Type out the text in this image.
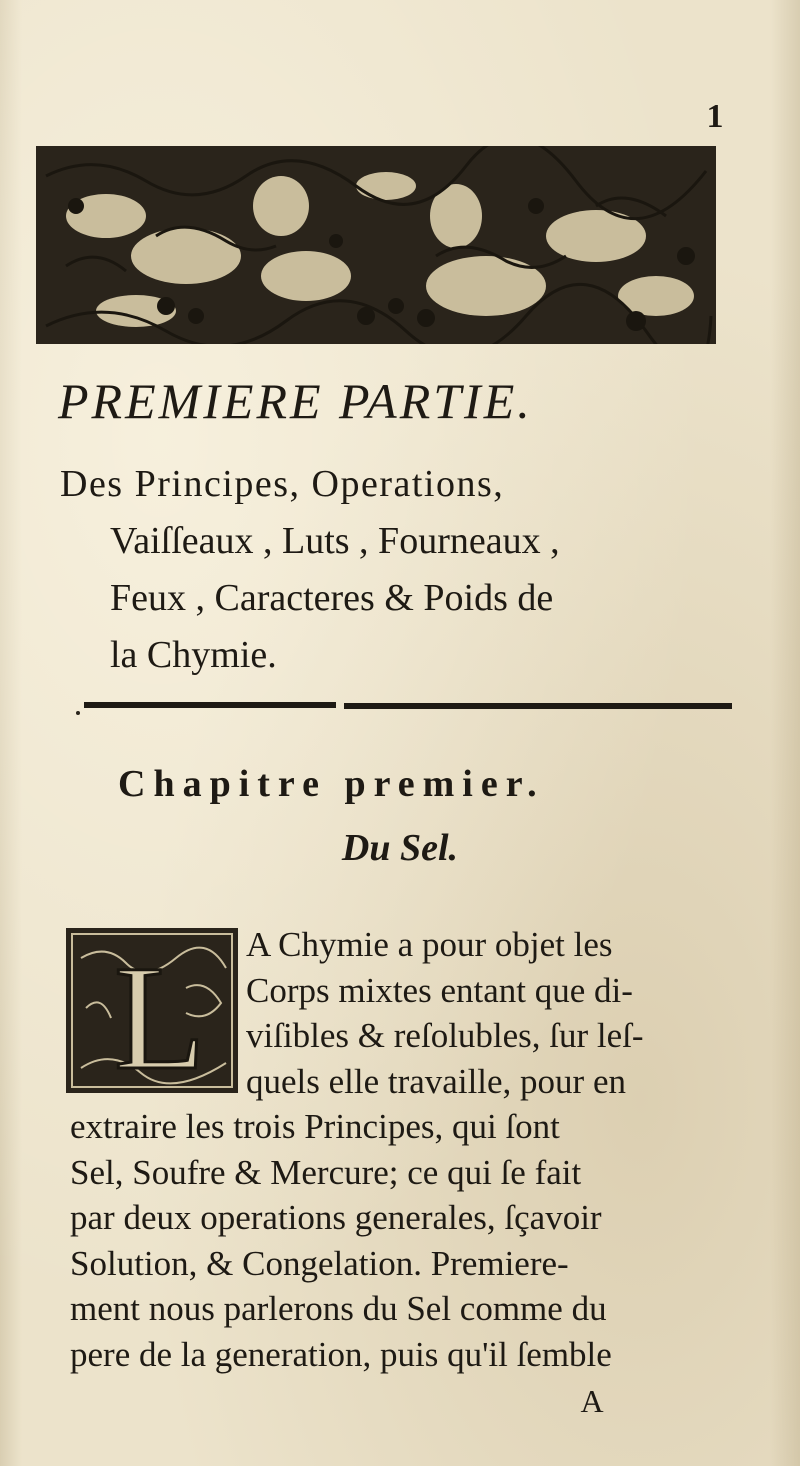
1
PREMIERE PARTIE.
Des Principes, Operations,
Vaiſſeaux , Luts , Fourneaux ,
Feux , Caracteres & Poids de
la Chymie.
Chapitre premier.
Du Sel.
L	A Chymie a pour objet les
Corps mixtes entant que di-
viſibles & reſolubles, ſur leſ-
quels elle travaille, pour en
extraire les trois Principes, qui ſont
Sel, Soufre & Mercure; ce qui ſe fait
par deux operations generales, ſçavoir
Solution, & Congelation. Premiere-
ment nous parlerons du Sel comme du
pere de la generation, puis qu'il ſemble
A
